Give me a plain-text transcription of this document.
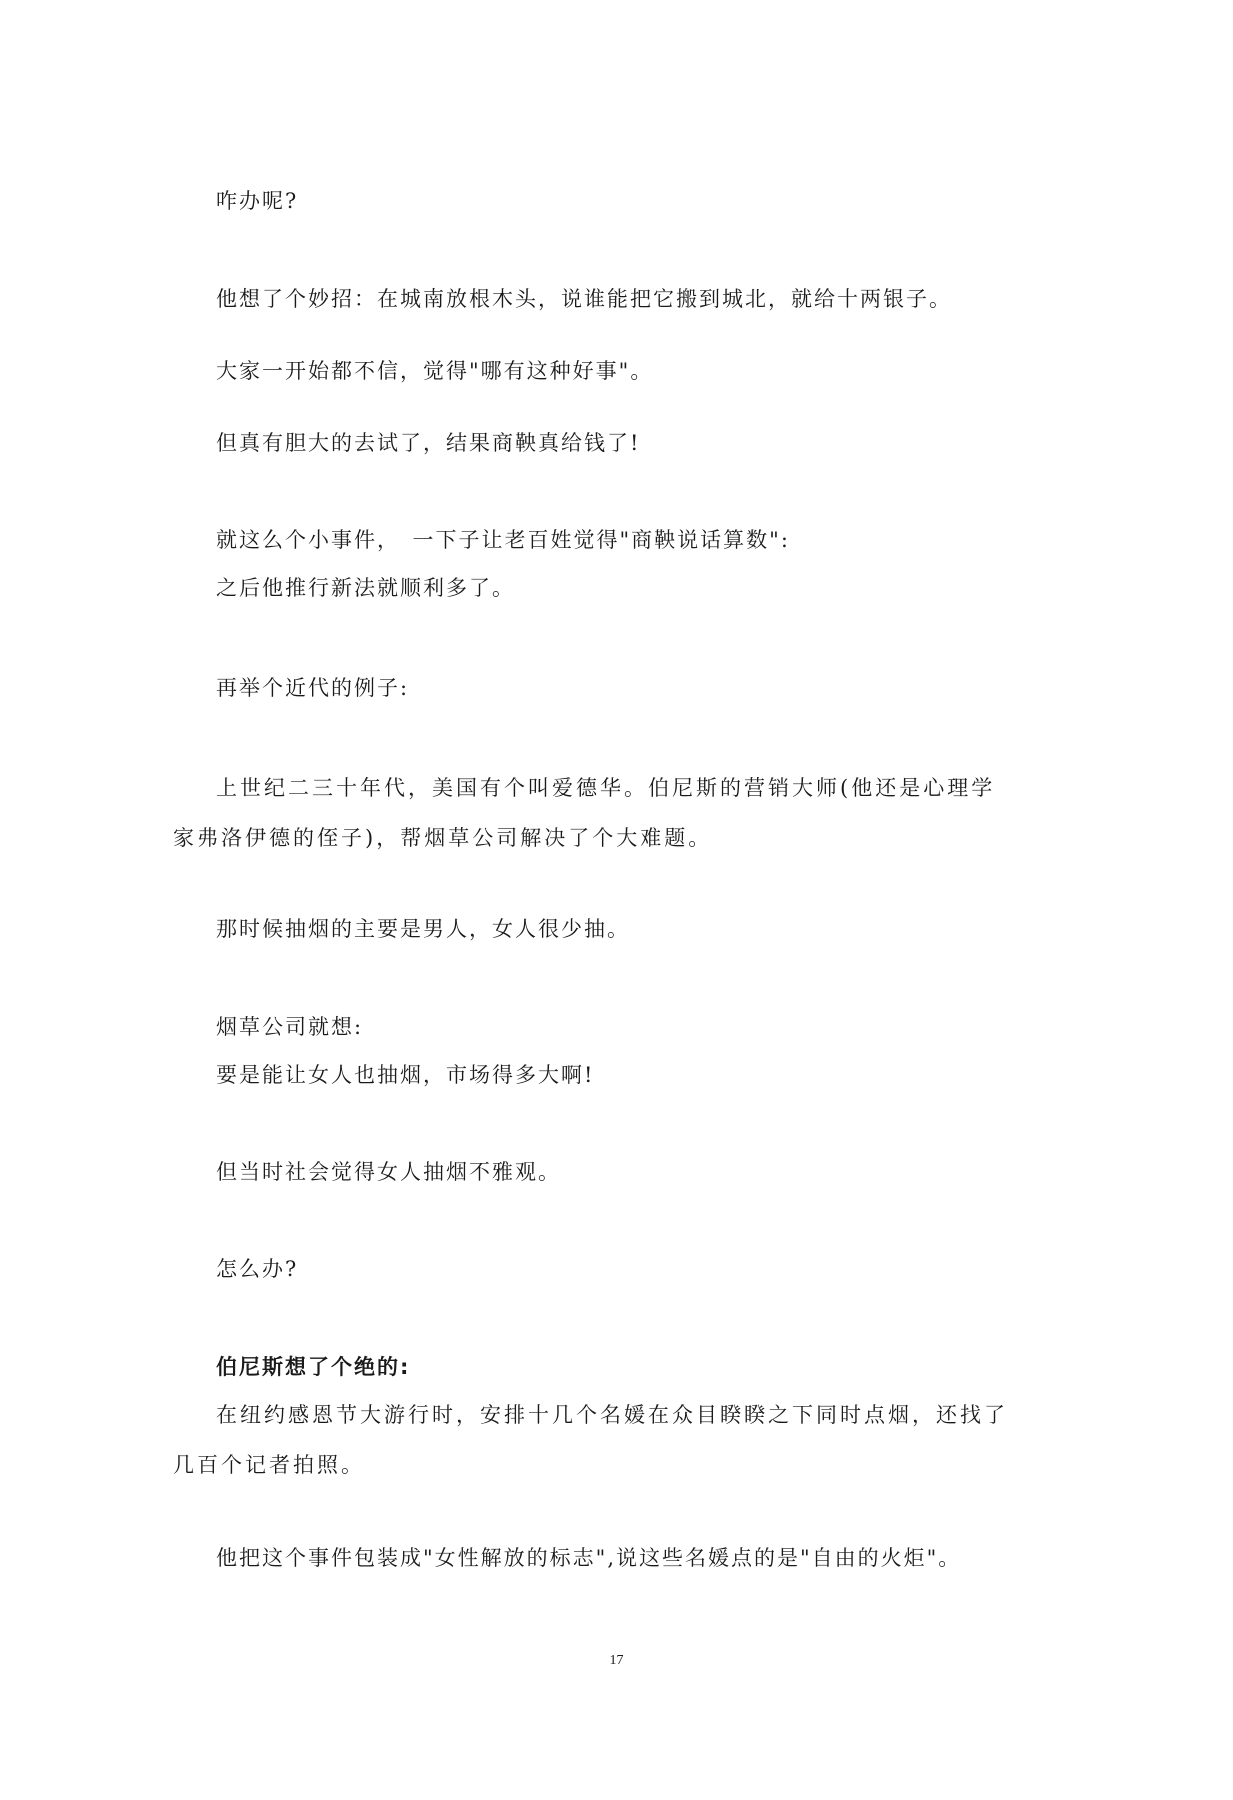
咋办呢?

他想了个妙招：在城南放根木头，说谁能把它搬到城北，就给十两银子。

大家一开始都不信，觉得"哪有这种好事"。

但真有胆大的去试了，结果商鞅真给钱了!

就这么个小事件，　一下子让老百姓觉得"商鞅说话算数":

之后他推行新法就顺利多了。

再举个近代的例子:

上世纪二三十年代，美国有个叫爱德华。伯尼斯的营销大师(他还是心理学家弗洛伊德的侄子)，帮烟草公司解决了个大难题。

那时候抽烟的主要是男人，女人很少抽。

烟草公司就想:

要是能让女人也抽烟，市场得多大啊!

但当时社会觉得女人抽烟不雅观。

怎么办?

伯尼斯想了个绝的:

在纽约感恩节大游行时，安排十几个名媛在众目睽睽之下同时点烟，还找了几百个记者拍照。

他把这个事件包装成"女性解放的标志",说这些名媛点的是"自由的火炬"。

17
